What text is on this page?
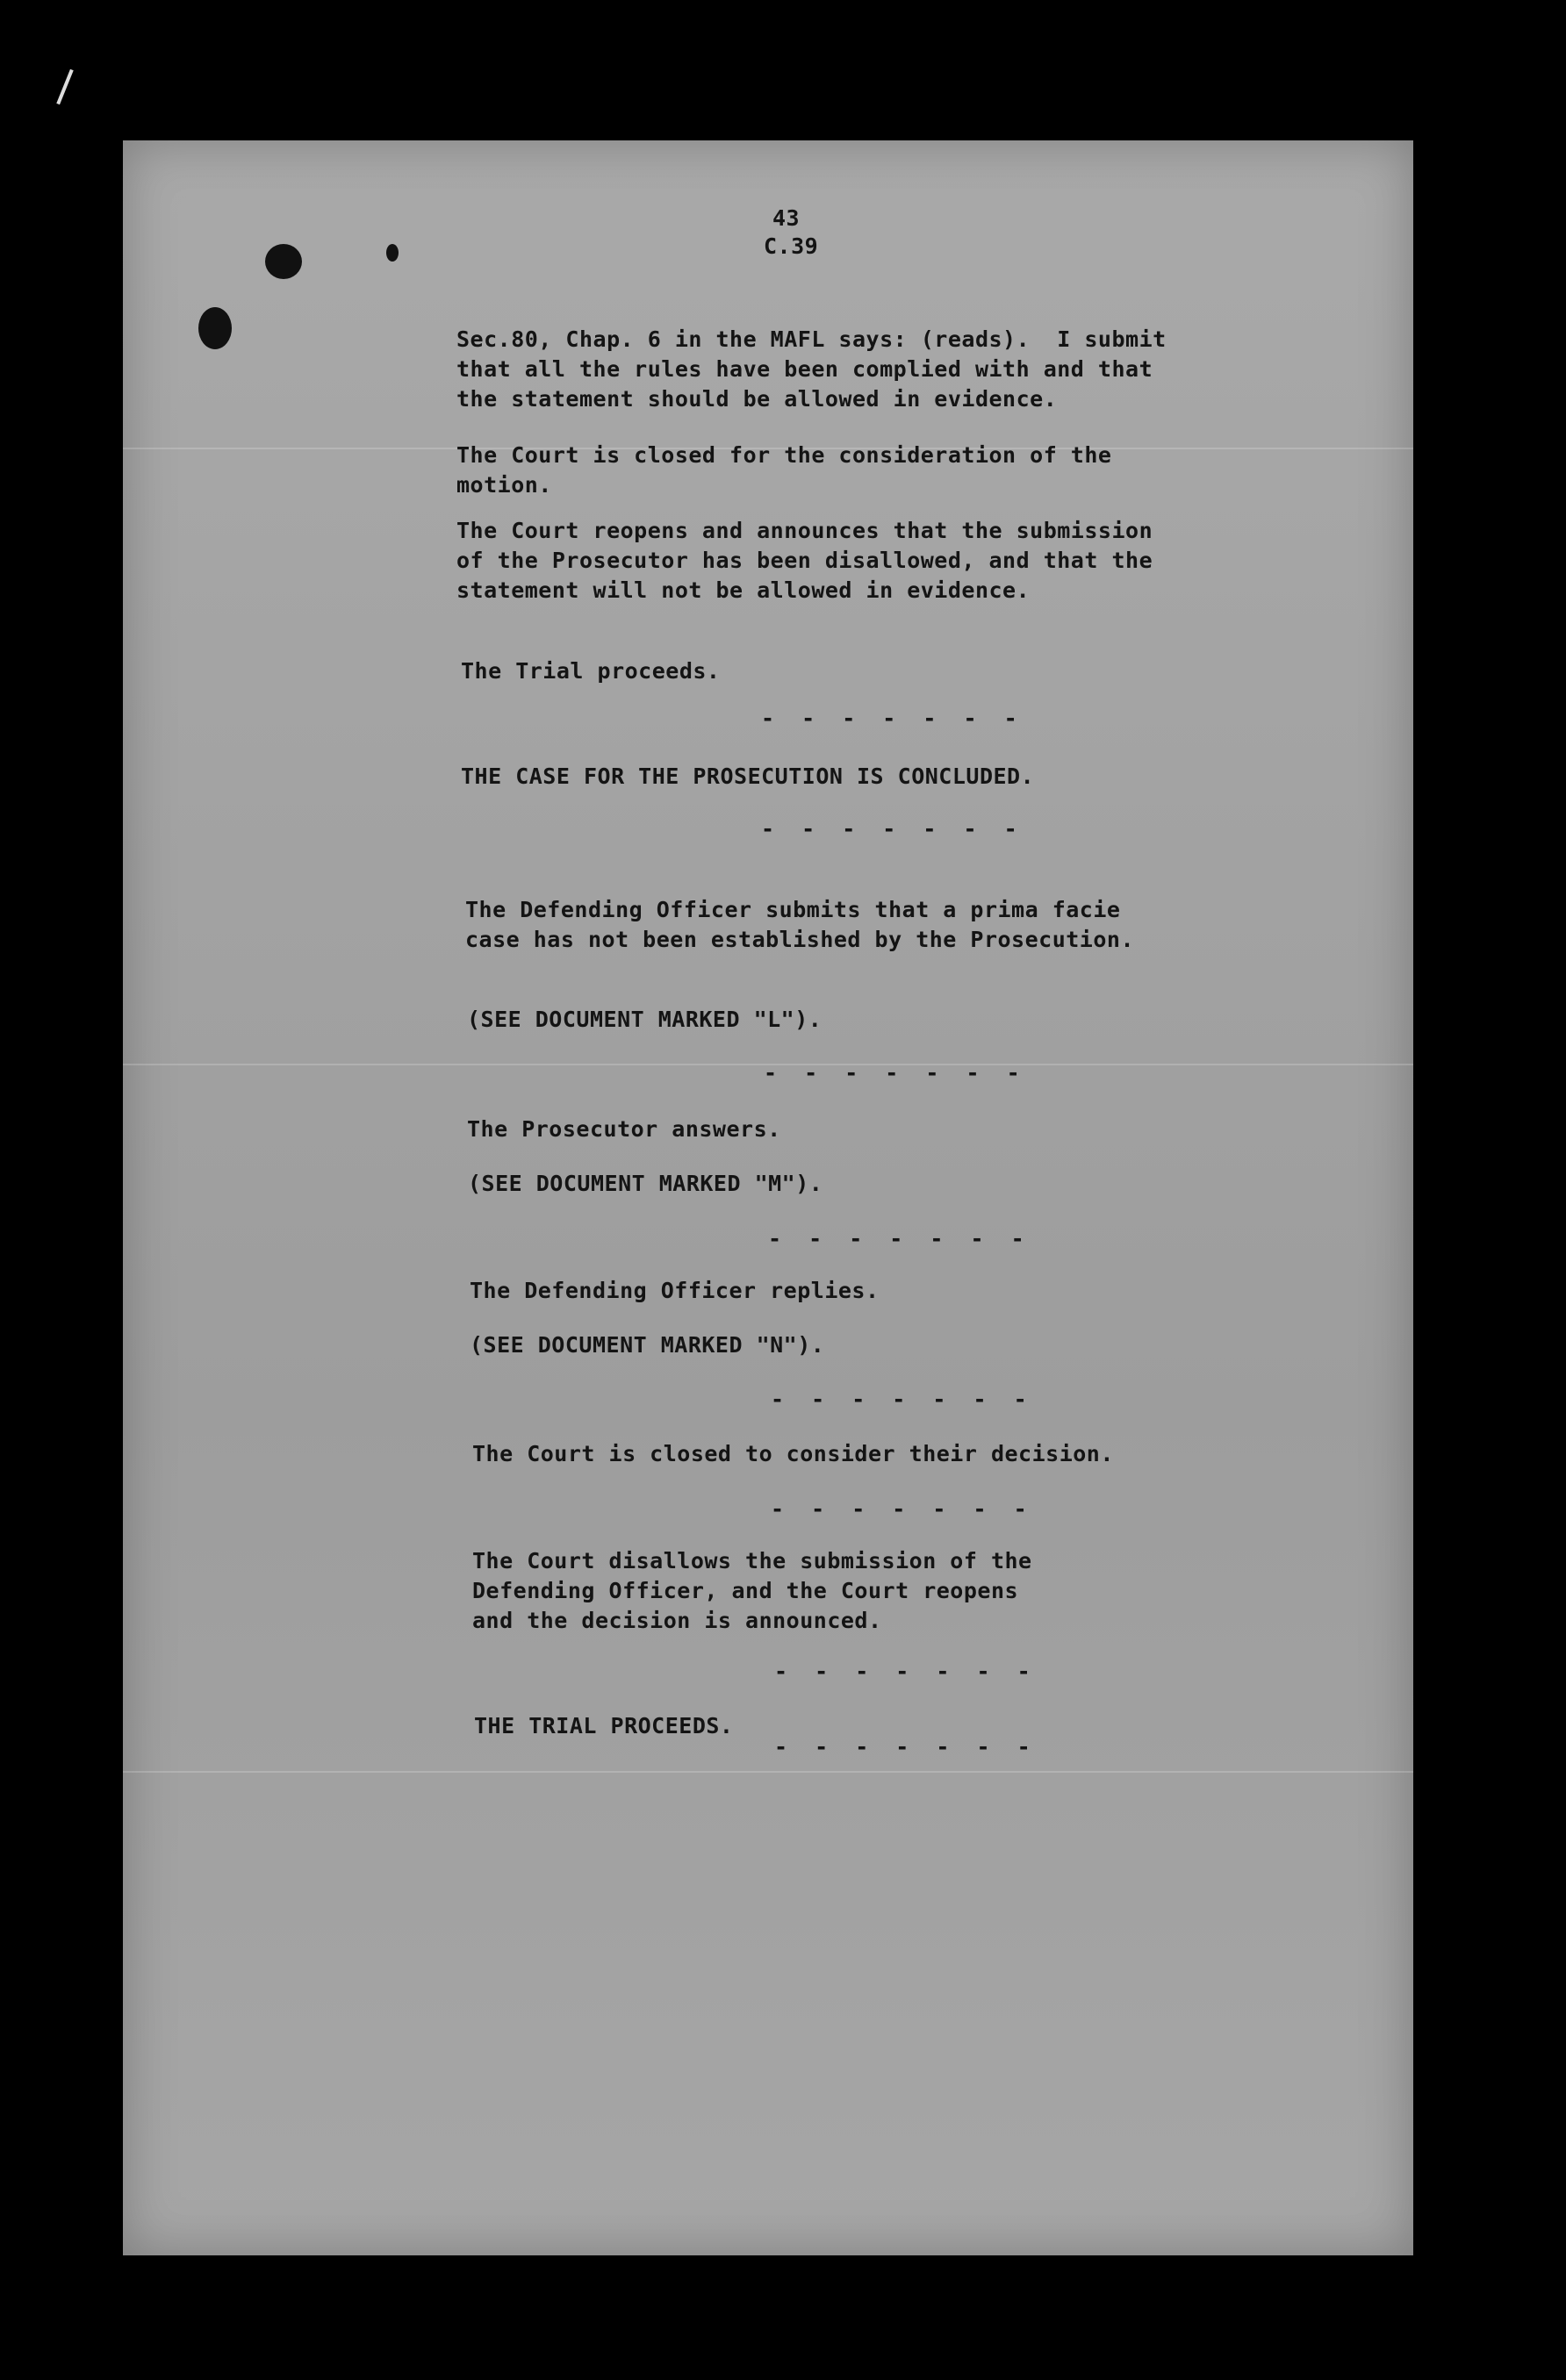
43
C.39
Sec.80, Chap. 6 in the MAFL says: (reads).  I submit
that all the rules have been complied with and that
the statement should be allowed in evidence.
The Court is closed for the consideration of the
motion.
The Court reopens and announces that the submission
of the Prosecutor has been disallowed, and that the
statement will not be allowed in evidence.
The Trial proceeds.
- - - - - - -
THE CASE FOR THE PROSECUTION IS CONCLUDED.
- - - - - - -
The Defending Officer submits that a prima facie
case has not been established by the Prosecution.
(SEE DOCUMENT MARKED "L").
- - - - - - -
The Prosecutor answers.
(SEE DOCUMENT MARKED "M").
- - - - - - -
The Defending Officer replies.
(SEE DOCUMENT MARKED "N").
- - - - - - -
The Court is closed to consider their decision.
- - - - - - -
The Court disallows the submission of the
Defending Officer, and the Court reopens
and the decision is announced.
- - - - - - -
THE TRIAL PROCEEDS.
- - - - - - -
